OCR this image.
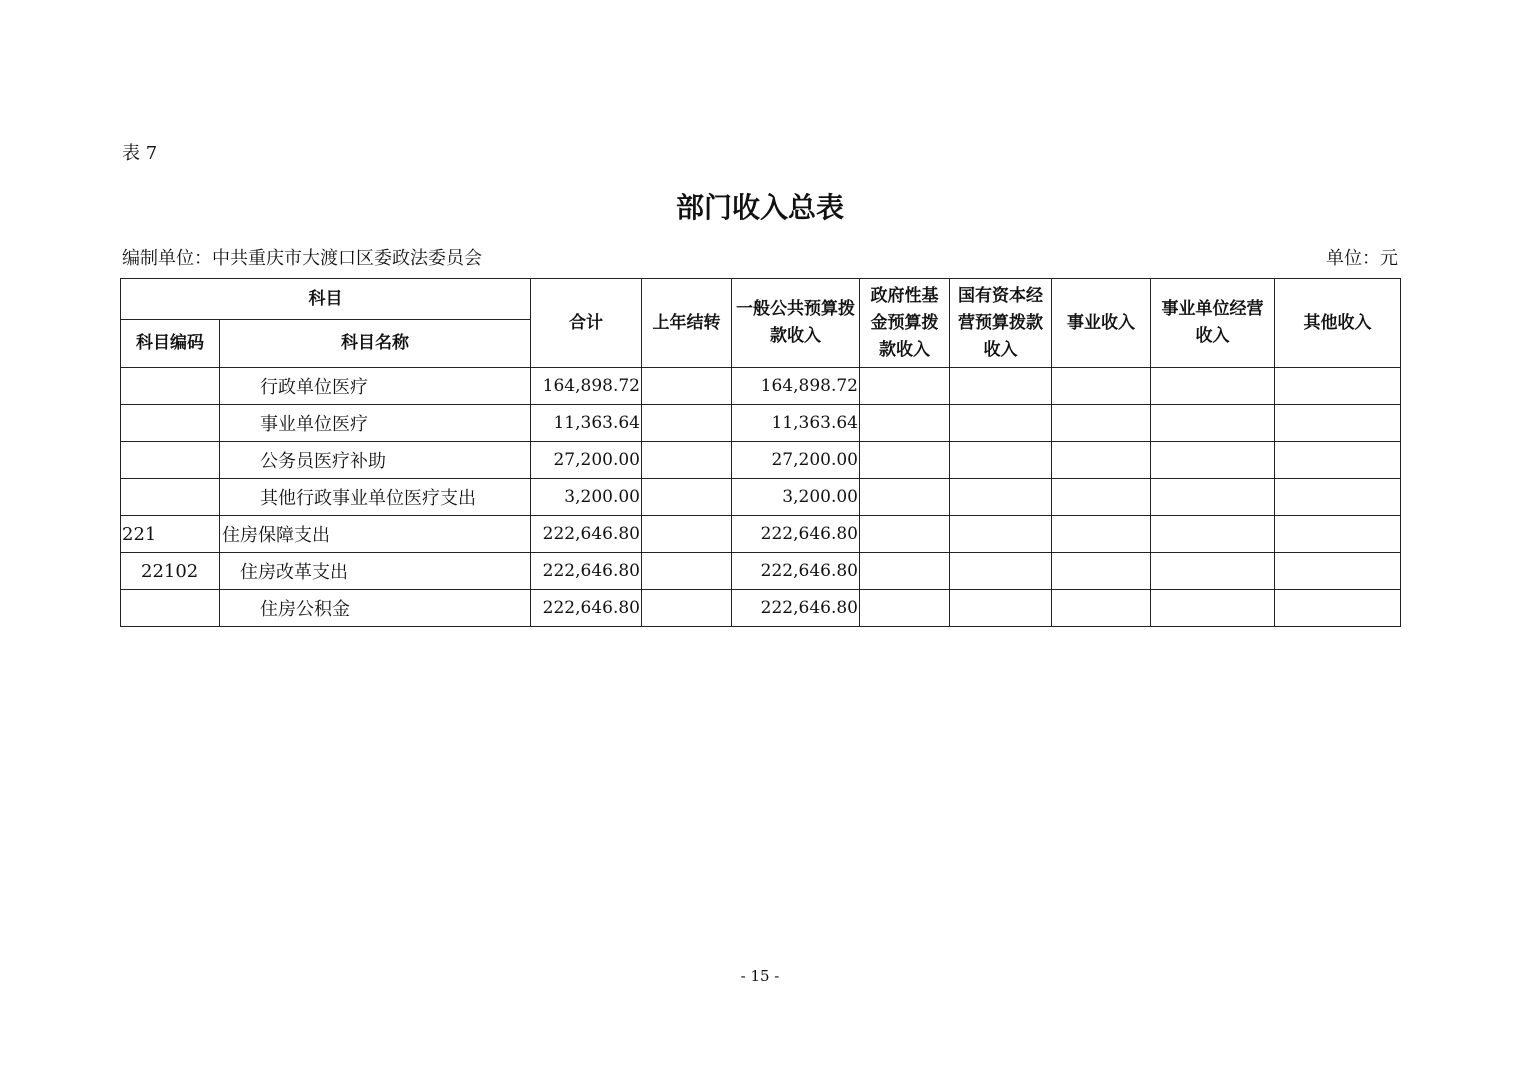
表 7
部门收入总表
编制单位：中共重庆市大渡口区委政法委员会	单位：元
科目		合计	上年结转	一般公共预算拨款收入	政府性基金预算拨款收入	国有资本经营预算拨款收入	事业收入	事业单位经营收入	其他收入
科目编码	科目名称								
	行政单位医疗	164,898.72		164,898.72					
	事业单位医疗	11,363.64		11,363.64					
	公务员医疗补助	27,200.00		27,200.00					
	其他行政事业单位医疗支出	3,200.00		3,200.00					
221	住房保障支出	222,646.80		222,646.80					
22102	住房改革支出	222,646.80		222,646.80					
	住房公积金	222,646.80		222,646.80					
- 15 -
